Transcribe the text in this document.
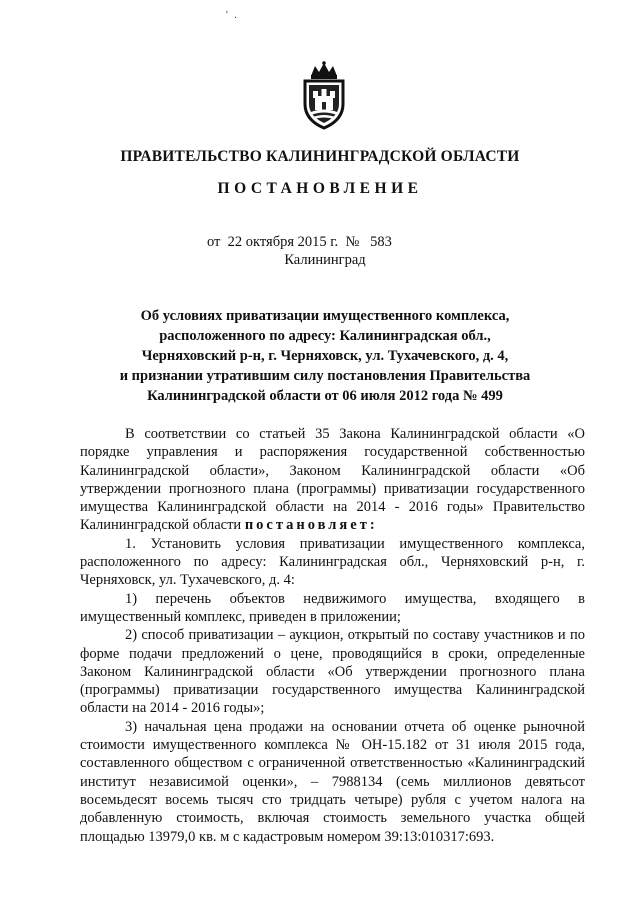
' .
ПРАВИТЕЛЬСТВО КАЛИНИНГРАДСКОЙ ОБЛАСТИ
ПОСТАНОВЛЕНИЕ
от 22 октября 2015 г. № 583
Калининград
Об условиях приватизации имущественного комплекса,
расположенного по адресу: Калининградская обл.,
Черняховский р-н, г. Черняховск, ул. Тухачевского, д. 4,
и признании утратившим силу постановления Правительства
Калининградской области от 06 июля 2012 года № 499

В соответствии со статьей 35 Закона Калининградской области «О порядке управления и распоряжения государственной собственностью Калининградской области», Законом Калининградской области «Об утверждении прогнозного плана (программы) приватизации государственного имущества Калининградской области на 2014 - 2016 годы» Правительство Калининградской области постановляет:

1. Установить условия приватизации имущественного комплекса, расположенного по адресу: Калининградская обл., Черняховский р-н, г. Черняховск, ул. Тухачевского, д. 4:

1) перечень объектов недвижимого имущества, входящего в имущественный комплекс, приведен в приложении;

2) способ приватизации – аукцион, открытый по составу участников и по форме подачи предложений о цене, проводящийся в сроки, определенные Законом Калининградской области «Об утверждении прогнозного плана (программы) приватизации государственного имущества Калининградской области на 2014 - 2016 годы»;

3) начальная цена продажи на основании отчета об оценке рыночной стоимости имущественного комплекса № ОН-15.182 от 31 июля 2015 года, составленного обществом с ограниченной ответственностью «Калининградский институт независимой оценки», – 7988134 (семь миллионов девятьсот восемьдесят восемь тысяч сто тридцать четыре) рубля с учетом налога на добавленную стоимость, включая стоимость земельного участка общей площадью 13979,0 кв. м с кадастровым номером 39:13:010317:693.
